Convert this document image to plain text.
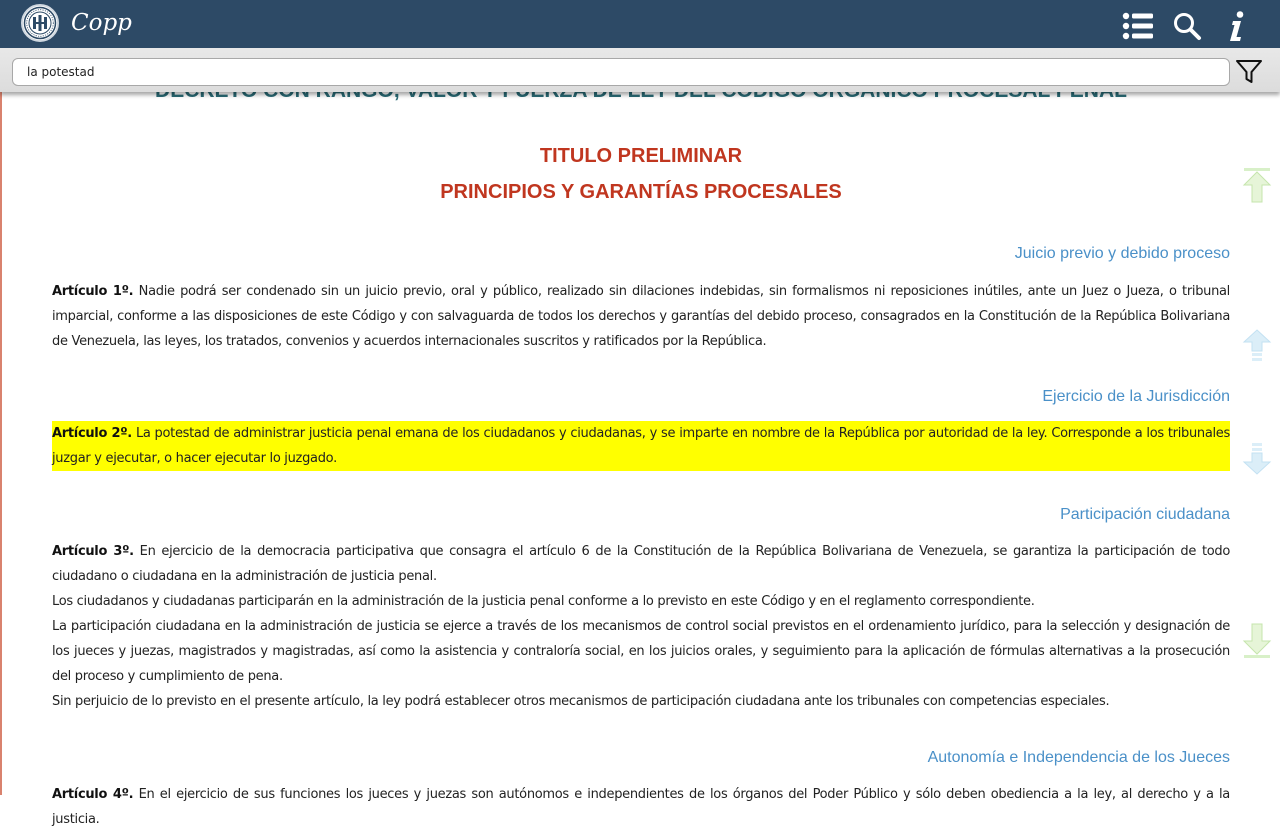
TITULO PRELIMINAR
PRINCIPIOS Y GARANTÍAS PROCESALES
Juicio previo y debido proceso

Artículo 1º. Nadie podrá ser condenado sin un juicio previo, oral y público, realizado sin dilaciones indebidas, sin formalismos ni reposiciones inútiles, ante un Juez o Jueza, o tribunal imparcial, conforme a las disposiciones de este Código y con salvaguarda de todos los derechos y garantías del debido proceso, consagrados en la Constitución de la República Bolivariana de Venezuela, las leyes, los tratados, convenios y acuerdos internacionales suscritos y ratificados por la República.

Ejercicio de la Jurisdicción

Artículo 2º. La potestad de administrar justicia penal emana de los ciudadanos y ciudadanas, y se imparte en nombre de la República por autoridad de la ley. Corresponde a los tribunales juzgar y ejecutar, o hacer ejecutar lo juzgado.

Participación ciudadana

Artículo 3º. En ejercicio de la democracia participativa que consagra el artículo 6 de la Constitución de la República Bolivariana de Venezuela, se garantiza la participación de todo ciudadano o ciudadana en la administración de justicia penal.

Los ciudadanos y ciudadanas participarán en la administración de la justicia penal conforme a lo previsto en este Código y en el reglamento correspondiente.

La participación ciudadana en la administración de justicia se ejerce a través de los mecanismos de control social previstos en el ordenamiento jurídico, para la selección y designación de los jueces y juezas, magistrados y magistradas, así como la asistencia y contraloría social, en los juicios orales, y seguimiento para la aplicación de fórmulas alternativas a la prosecución del proceso y cumplimiento de pena.

Sin perjuicio de lo previsto en el presente artículo, la ley podrá establecer otros mecanismos de participación ciudadana ante los tribunales con competencias especiales.

Autonomía e Independencia de los Jueces

Artículo 4º. En el ejercicio de sus funciones los jueces y juezas son autónomos e independientes de los órganos del Poder Público y sólo deben obediencia a la ley, al derecho y a la justicia.

Copp
la potestad
